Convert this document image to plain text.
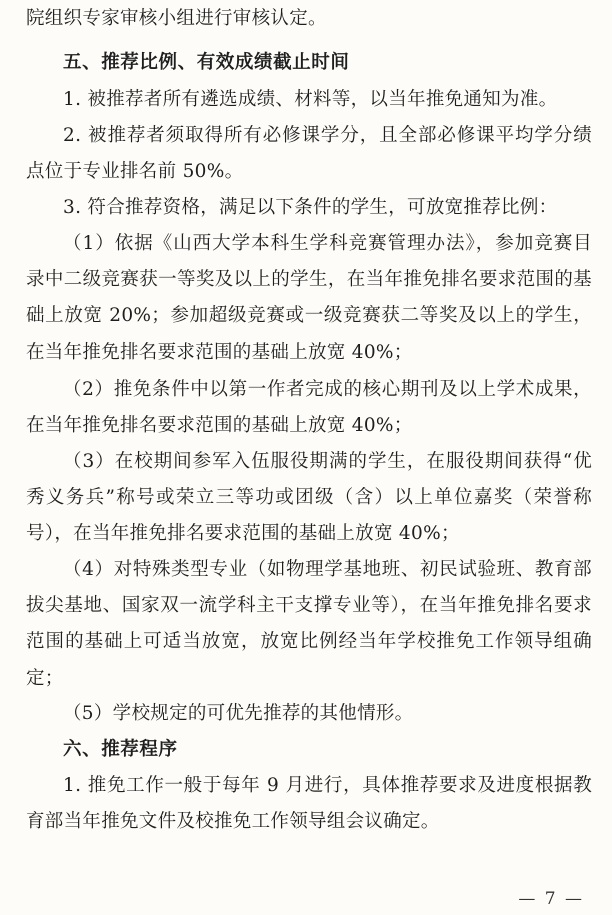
院组织专家审核小组进行审核认定。

五、推荐比例、有效成绩截止时间

1. 被推荐者所有遴选成绩、材料等，以当年推免通知为准。

2. 被推荐者须取得所有必修课学分，且全部必修课平均学分绩点位于专业排名前 50%。

3. 符合推荐资格，满足以下条件的学生，可放宽推荐比例：

（1）依据《山西大学本科生学科竞赛管理办法》，参加竞赛目录中二级竞赛获一等奖及以上的学生，在当年推免排名要求范围的基础上放宽 20%；参加超级竞赛或一级竞赛获二等奖及以上的学生，在当年推免排名要求范围的基础上放宽 40%；

（2）推免条件中以第一作者完成的核心期刊及以上学术成果，在当年推免排名要求范围的基础上放宽 40%；

（3）在校期间参军入伍服役期满的学生，在服役期间获得“优秀义务兵”称号或荣立三等功或团级（含）以上单位嘉奖（荣誉称号），在当年推免排名要求范围的基础上放宽 40%；

（4）对特殊类型专业（如物理学基地班、初民试验班、教育部拔尖基地、国家双一流学科主干支撑专业等），在当年推免排名要求范围的基础上可适当放宽，放宽比例经当年学校推免工作领导组确定；

（5）学校规定的可优先推荐的其他情形。

六、推荐程序

1. 推免工作一般于每年 9 月进行，具体推荐要求及进度根据教育部当年推免文件及校推免工作领导组会议确定。

— 7 —
